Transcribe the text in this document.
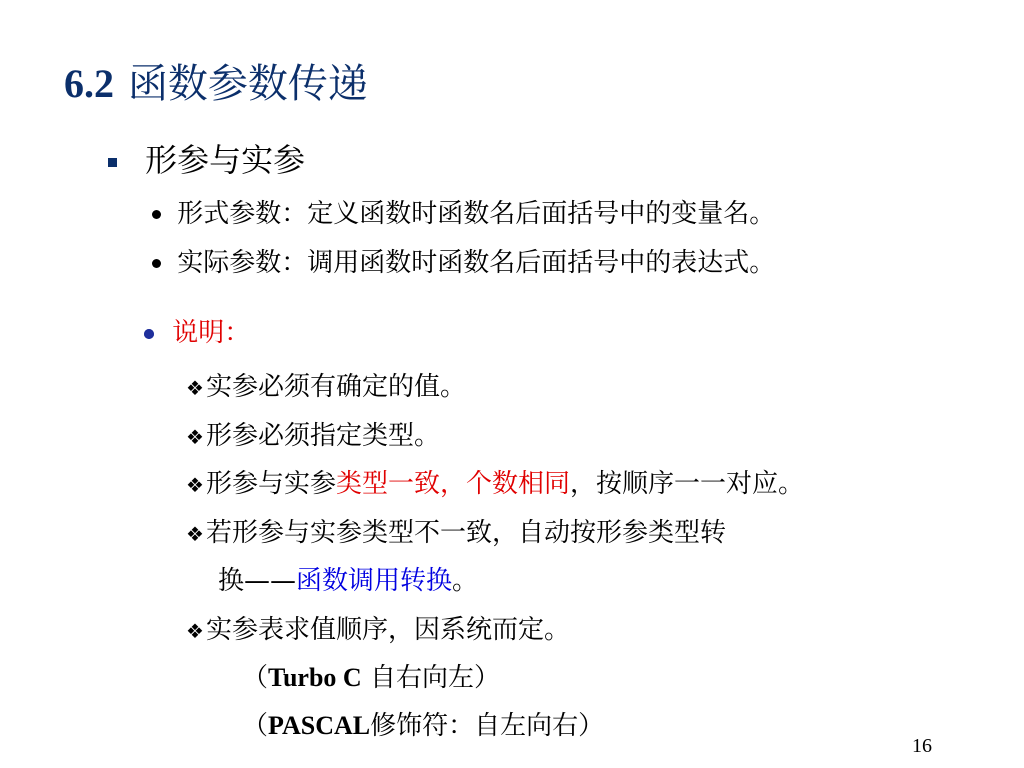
6.2 函数参数传递
形参与实参
形式参数：定义函数时函数名后面括号中的变量名。
实际参数：调用函数时函数名后面括号中的表达式。
说明：
❖实参必须有确定的值。
❖形参必须指定类型。
❖形参与实参类型一致，个数相同，按顺序一一对应。
❖若形参与实参类型不一致，自动按形参类型转
换——函数调用转换。
❖实参表求值顺序，因系统而定。
（Turbo C 自右向左）
（PASCAL修饰符：自左向右）
16
